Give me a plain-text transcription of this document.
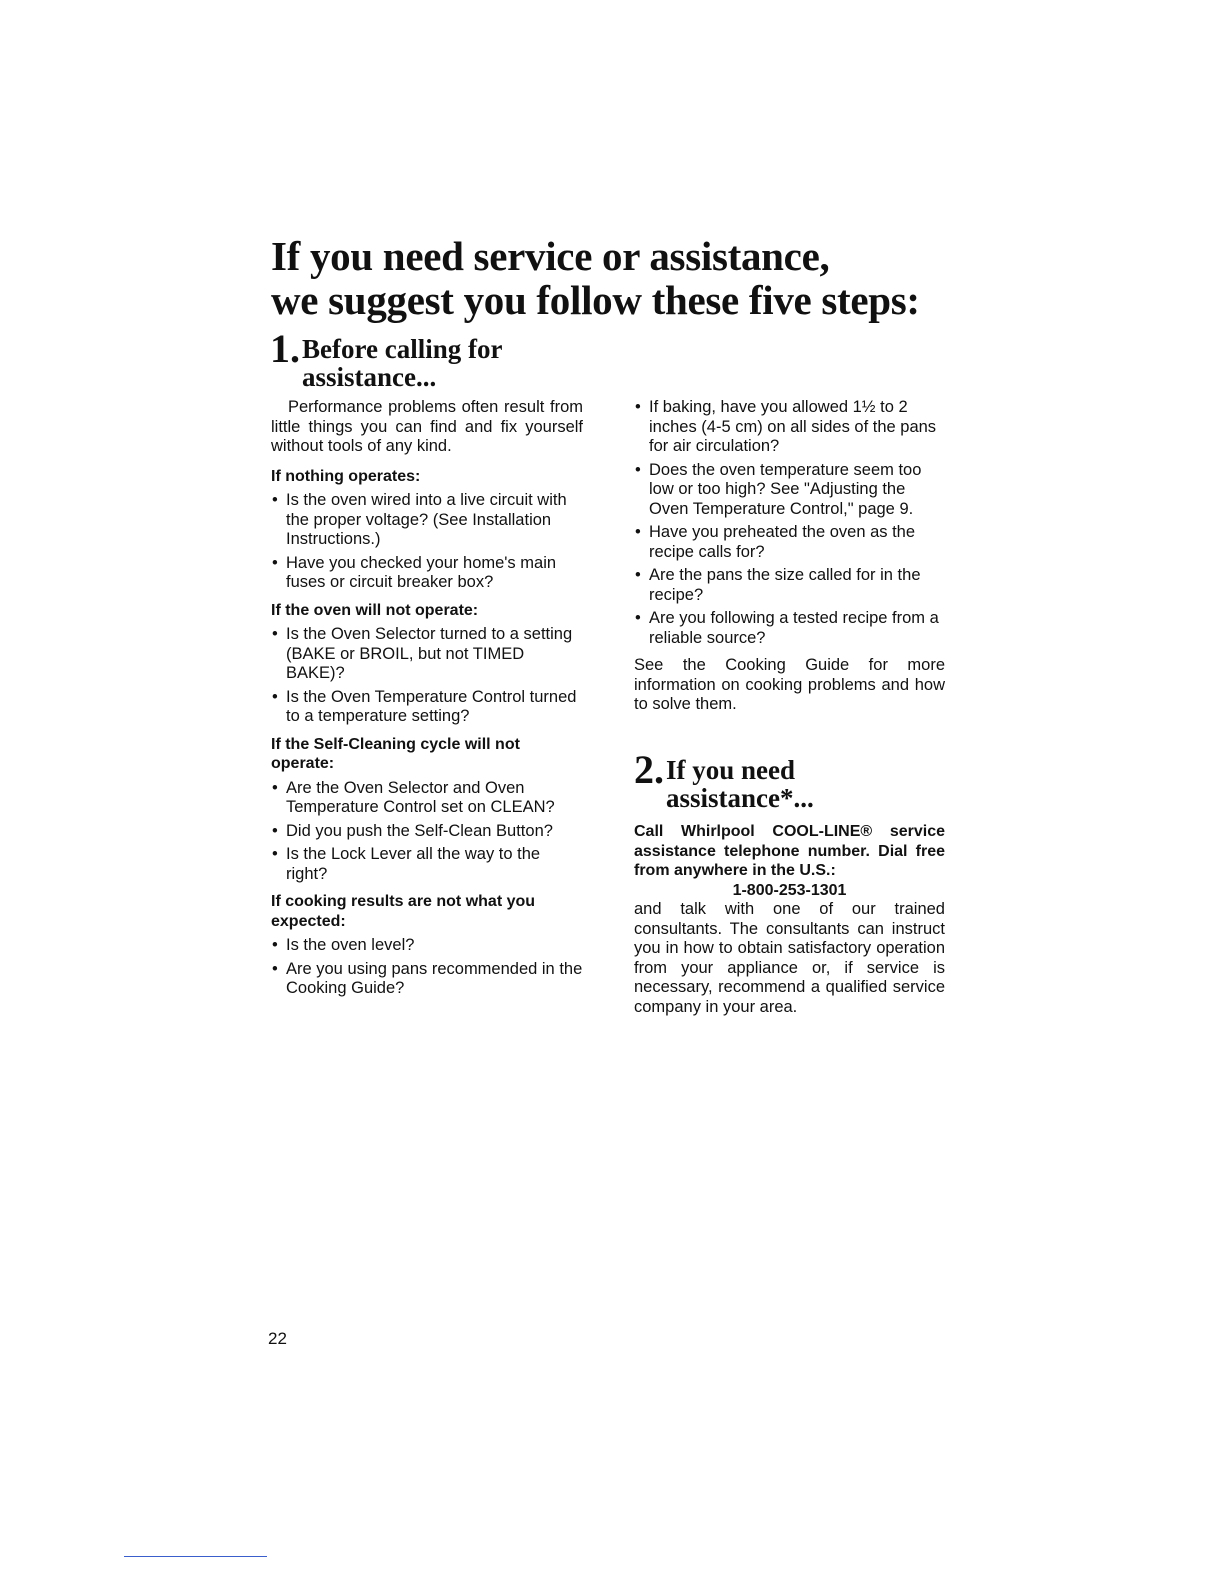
If you need service or assistance,
we suggest you follow these five steps:
1. Before calling for
assistance...

Performance problems often result from little things you can find and fix yourself without tools of any kind.

If nothing operates:

• Is the oven wired into a live circuit with the proper voltage? (See Installation Instructions.)
• Have you checked your home's main fuses or circuit breaker box?

If the oven will not operate:

• Is the Oven Selector turned to a setting (BAKE or BROIL, but not TIMED BAKE)?
• Is the Oven Temperature Control turned to a temperature setting?

If the Self-Cleaning cycle will not operate:

• Are the Oven Selector and Oven Temperature Control set on CLEAN?
• Did you push the Self-Clean Button?
• Is the Lock Lever all the way to the right?

If cooking results are not what you expected:

• Is the oven level?
• Are you using pans recommended in the Cooking Guide?
• If baking, have you allowed 1½ to 2 inches (4-5 cm) on all sides of the pans for air circulation?
• Does the oven temperature seem too low or too high? See "Adjusting the Oven Temperature Control," page 9.
• Have you preheated the oven as the recipe calls for?
• Are the pans the size called for in the recipe?
• Are you following a tested recipe from a reliable source?

See the Cooking Guide for more information on cooking problems and how to solve them.

2. If you need
assistance*...

Call Whirlpool COOL-LINE® service assistance telephone number. Dial free from anywhere in the U.S.:

1-800-253-1301

and talk with one of our trained consultants. The consultants can instruct you in how to obtain satisfactory operation from your appliance or, if service is necessary, recommend a qualified service company in your area.

22
